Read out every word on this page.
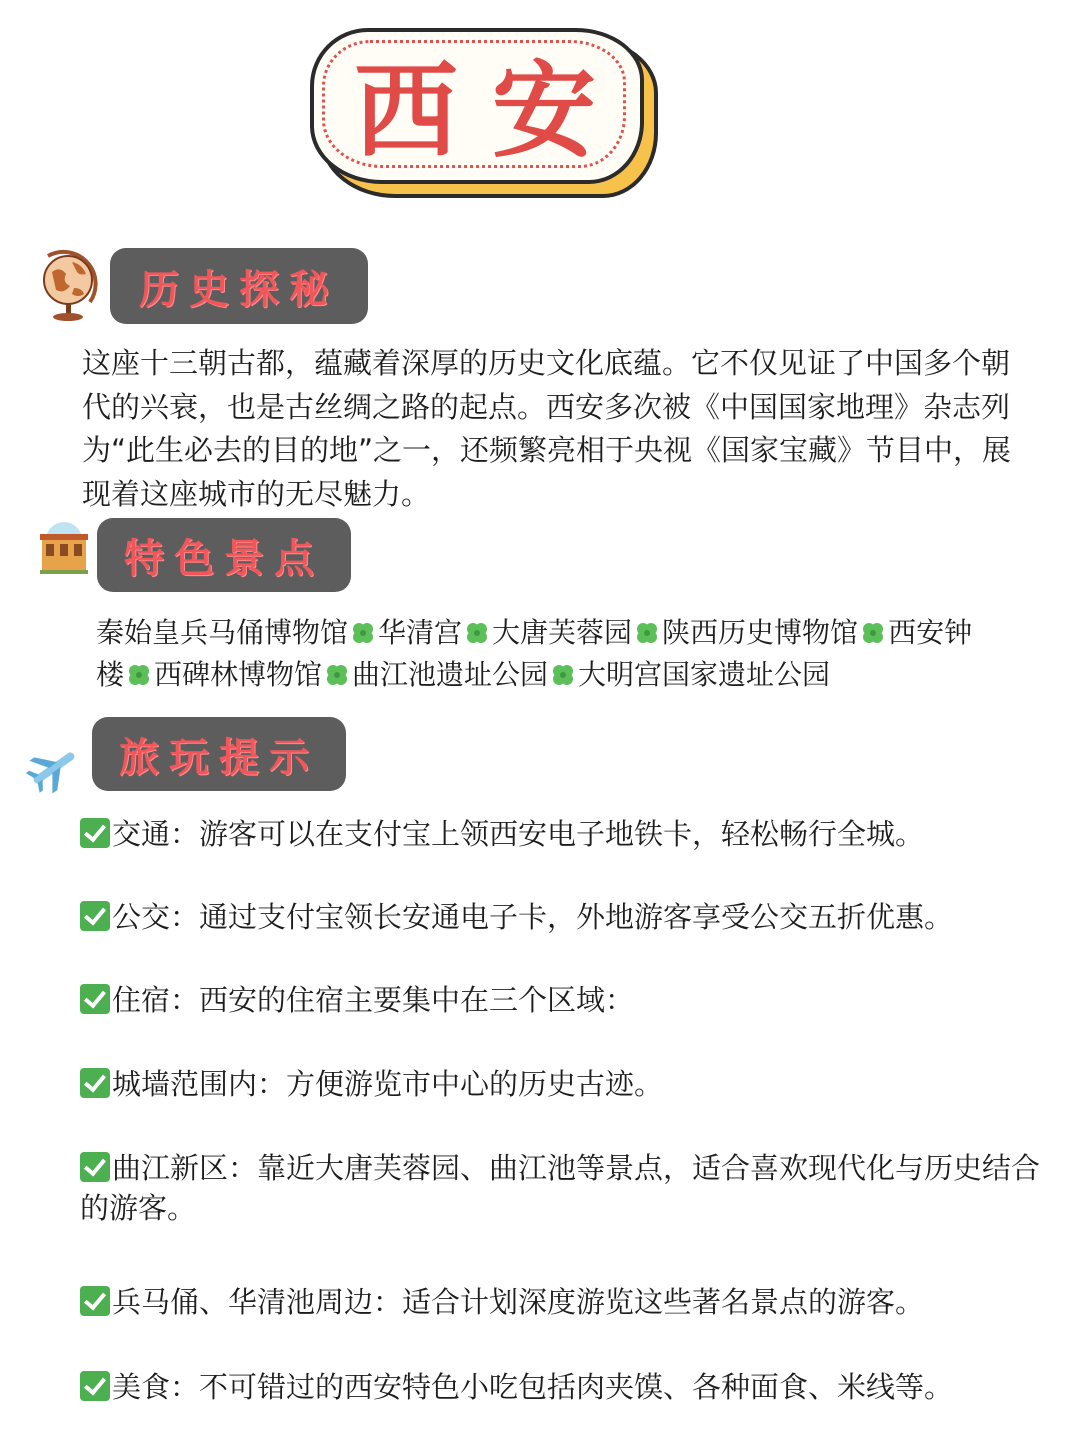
西安
历史探秘
这座十三朝古都，蕴藏着深厚的历史文化底蕴。它不仅见证了中国多个朝代的兴衰，也是古丝绸之路的起点。西安多次被《中国国家地理》杂志列为“此生必去的目的地”之一，还频繁亮相于央视《国家宝藏》节目中，展现着这座城市的无尽魅力。
特色景点
秦始皇兵马俑博物馆 华清宫 大唐芙蓉园 陕西历史博物馆 西安钟楼 西碑林博物馆 曲江池遗址公园 大明宫国家遗址公园
旅玩提示
交通：游客可以在支付宝上领西安电子地铁卡，轻松畅行全城。
公交：通过支付宝领长安通电子卡，外地游客享受公交五折优惠。
住宿：西安的住宿主要集中在三个区域：
城墙范围内：方便游览市中心的历史古迹。
曲江新区：靠近大唐芙蓉园、曲江池等景点，适合喜欢现代化与历史结合的游客。
兵马俑、华清池周边：适合计划深度游览这些著名景点的游客。
美食：不可错过的西安特色小吃包括肉夹馍、各种面食、米线等。
